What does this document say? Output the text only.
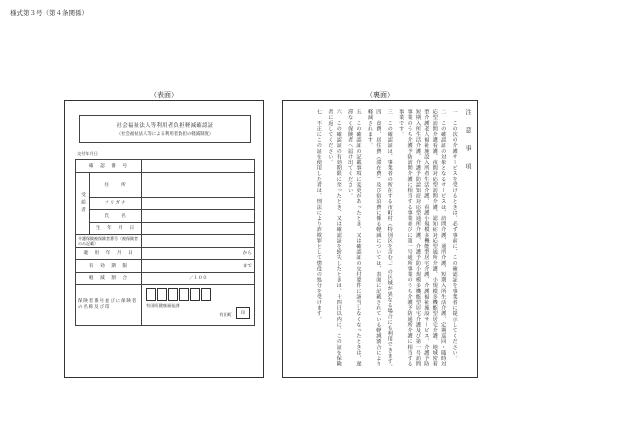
様式第３号（第４条関係）
（表面）	（裏面）
社会福祉法人等利用者負担軽減確認証
（社会福祉法人等による利用者負担の軽減制度）
交付年月日
確　認　番　号		
受給者	住　　所	
	フリガナ	
	氏　　名	
	生　年　月　日	
介護保険被保険者番号（被保険者のみ記載）		
適　用　年　月　日		から
有　効　期　限		まで
軽　減　割　合		／１００
保険者番号並びに保険者の名称及び印		有田町健康福祉課
有田町 印
注　意　事　項
一　この次の介護サービスを受けるときは、必ず事前に、この確認証を事業者に提示してください。
二　この確認証の対象となるサービスは、訪問介護、通所介護、短期入所生活介護、定期巡回・随時対応型訪問介護看護、夜間対応型訪問介護、認知症対応型通所介護、小規模多機能型居宅介護、地域密着型介護老人福祉施設入所者生活介護、看護小規模多機能型居宅介護、介護福祉施設サービス、介護予防短期入所生活介護、介護予防認知症対応型通所介護、介護予防小規模多機能型居宅介護及び第一号訪問事業のうち介護予防訪問介護に相当する事業並びに第一号通所事業のうち介護予防通所介護に相当する事業です。
三　この確認証は、事業者の所在する市町村（特別区を含む。）の区域が異なる場合にも利用できます。
四　食費、居住費（滞在費）及び宿泊費に係る軽減については、表面に記載されている軽減割合により軽減されます。
五　この確認証の記載事項に変更があったとき、又は確認証の交付要件に該当しなくなったときは、遅滞なく保険者へ届け出てください。
六　この確認証の有効期限に至ったとき、又は確認証を紛失したときは、十四日以内に、この証を保険者に返してください。
七　不正にこの証を使用した者は、刑法により詐欺罪として懲役の処分を受けます。
